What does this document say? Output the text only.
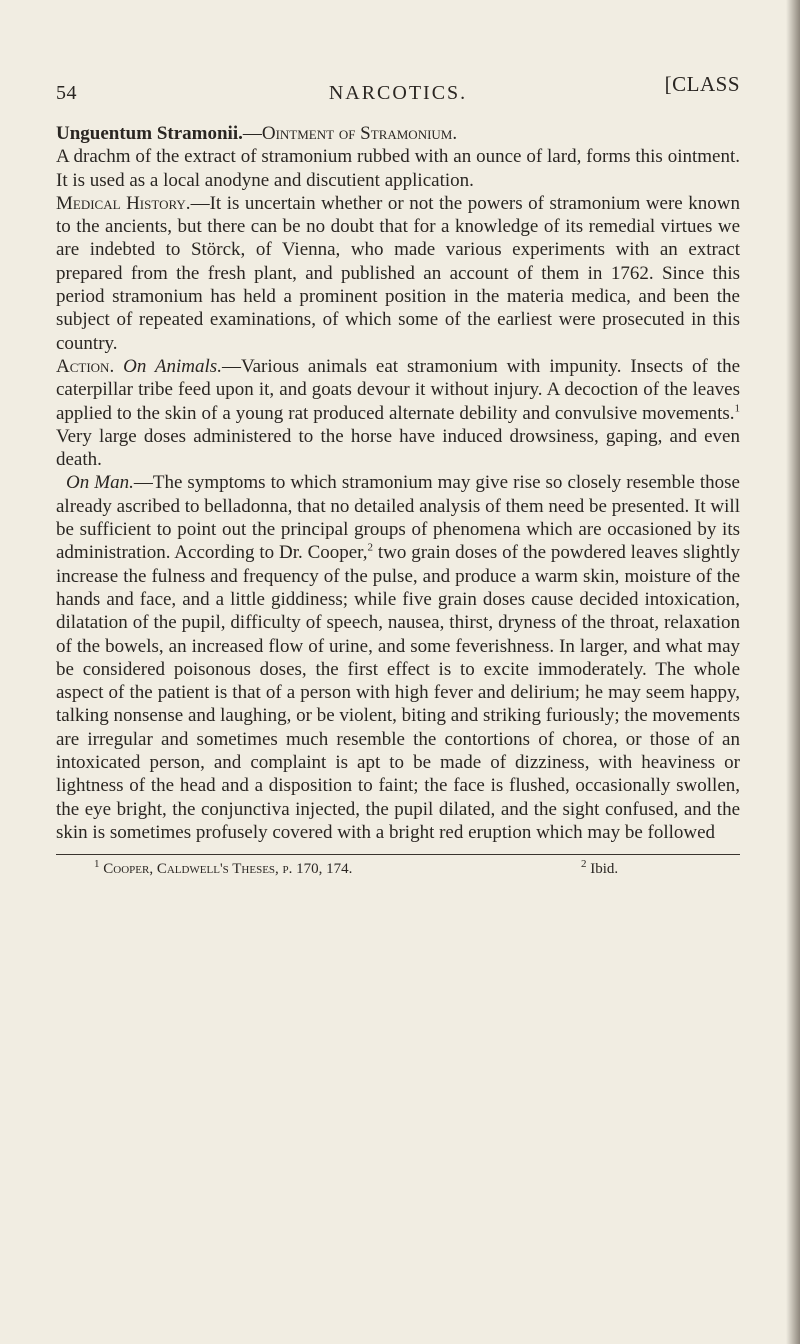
54	NARCOTICS.	[CLASS

Unguentum Stramonii.—Ointment of Stramonium.
A drachm of the extract of stramonium rubbed with an ounce of lard, forms this ointment. It is used as a local anodyne and discutient application.

Medical History.—It is uncertain whether or not the powers of stramonium were known to the ancients, but there can be no doubt that for a knowledge of its remedial virtues we are indebted to Störck, of Vienna, who made various experiments with an extract prepared from the fresh plant, and published an account of them in 1762. Since this period stramonium has held a prominent position in the materia medica, and been the subject of repeated examinations, of which some of the earliest were prosecuted in this country.

Action. On Animals.—Various animals eat stramonium with impunity. Insects of the caterpillar tribe feed upon it, and goats devour it without injury. A decoction of the leaves applied to the skin of a young rat produced alternate debility and convulsive movements.$^1$ Very large doses administered to the horse have induced drowsiness, gaping, and even death.

On Man.—The symptoms to which stramonium may give rise so closely resemble those already ascribed to belladonna, that no detailed analysis of them need be presented. It will be sufficient to point out the principal groups of phenomena which are occasioned by its administration. According to Dr. Cooper,$^2$ two grain doses of the powdered leaves slightly increase the fulness and frequency of the pulse, and produce a warm skin, moisture of the hands and face, and a little giddiness; while five grain doses cause decided intoxication, dilatation of the pupil, difficulty of speech, nausea, thirst, dryness of the throat, relaxation of the bowels, an increased flow of urine, and some feverishness. In larger, and what may be considered poisonous doses, the first effect is to excite immoderately. The whole aspect of the patient is that of a person with high fever and delirium; he may seem happy, talking nonsense and laughing, or be violent, biting and striking furiously; the movements are irregular and sometimes much resemble the contortions of chorea, or those of an intoxicated person, and complaint is apt to be made of dizziness, with heaviness or lightness of the head and a disposition to faint; the face is flushed, occasionally swollen, the eye bright, the conjunctiva injected, the pupil dilated, and the sight confused, and the skin is sometimes profusely covered with a bright red eruption which may be followed

$^1$ Cooper, Caldwell's Theses, p. 170, 174.	$^2$ Ibid.
